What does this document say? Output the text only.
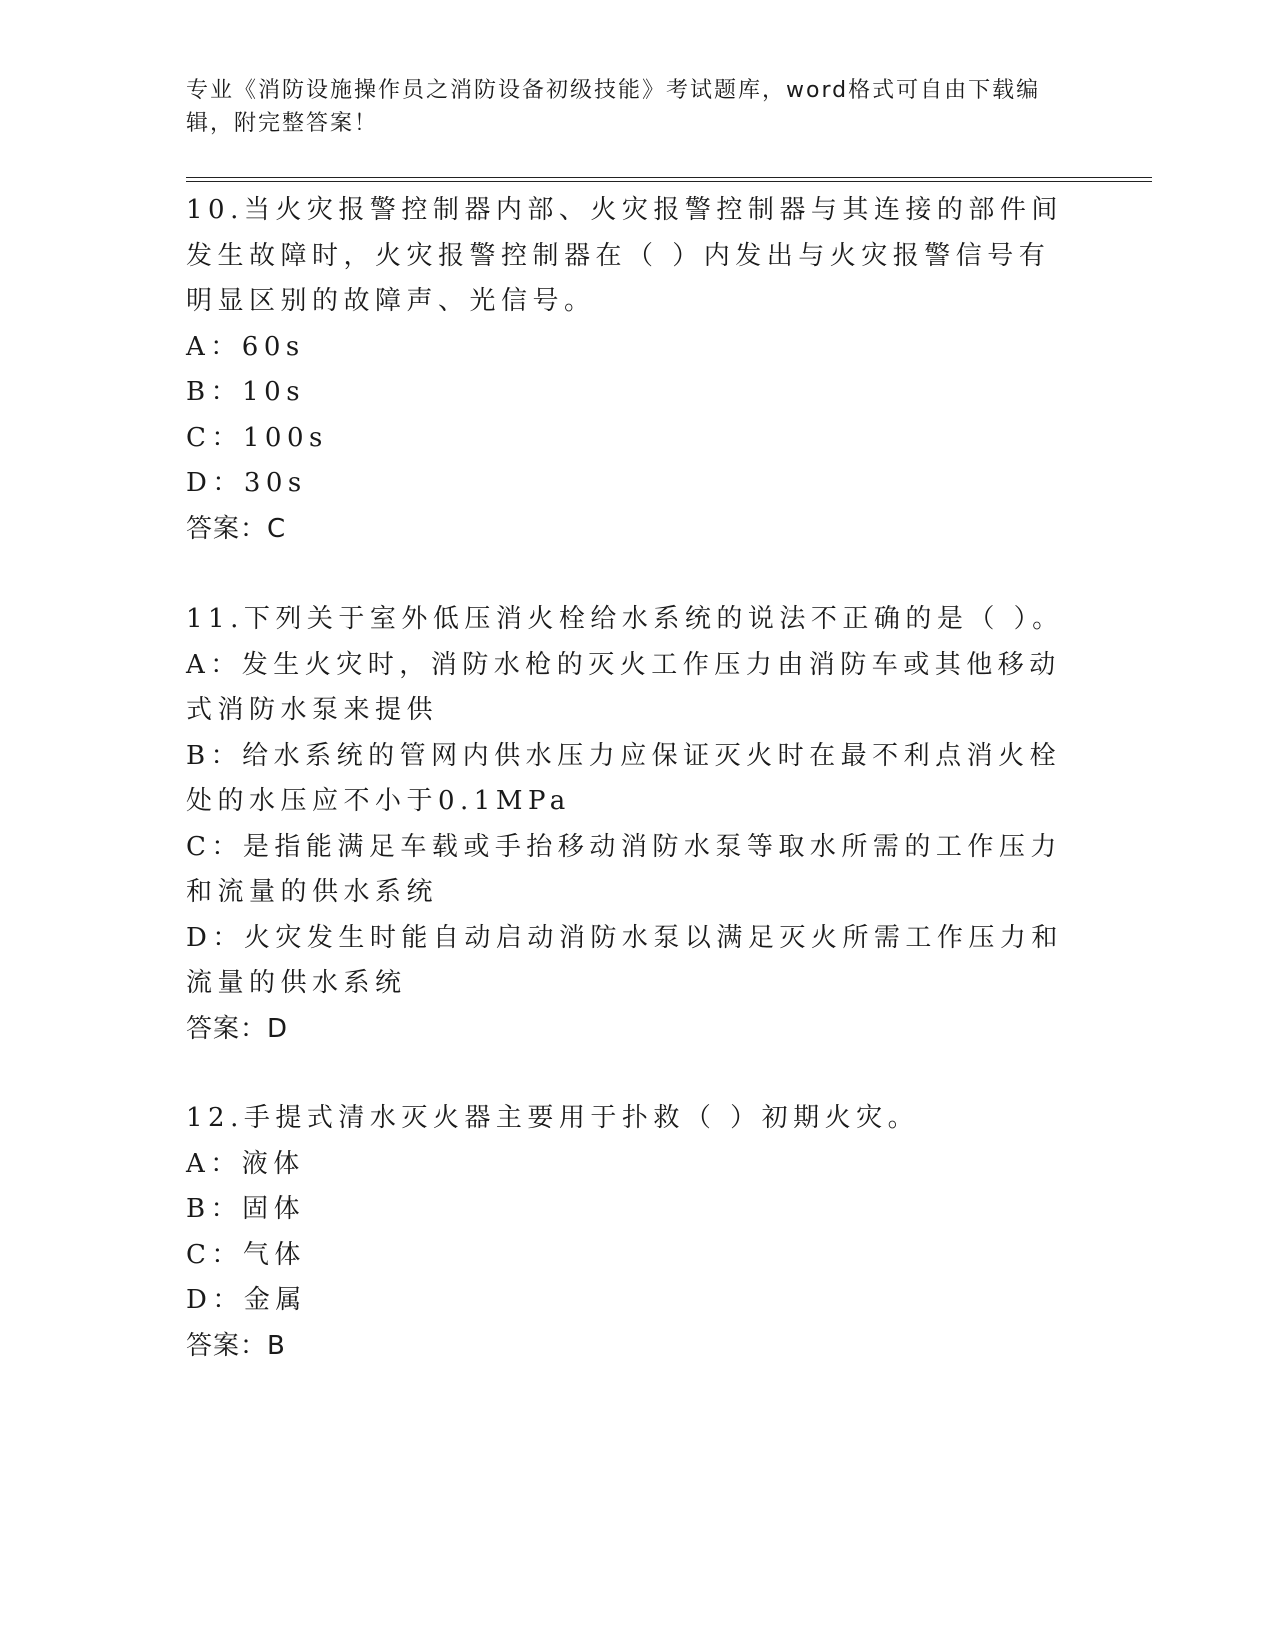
专业《消防设施操作员之消防设备初级技能》考试题库，word格式可自由下载编辑，附完整答案！

10.当火灾报警控制器内部、火灾报警控制器与其连接的部件间发生故障时，火灾报警控制器在（ ）内发出与火灾报警信号有明显区别的故障声、光信号。

A：60s

B：10s

C：100s

D：30s

答案：C

11.下列关于室外低压消火栓给水系统的说法不正确的是（ ）。

A：发生火灾时，消防水枪的灭火工作压力由消防车或其他移动式消防水泵来提供

B：给水系统的管网内供水压力应保证灭火时在最不利点消火栓处的水压应不小于0.1MPa

C：是指能满足车载或手抬移动消防水泵等取水所需的工作压力和流量的供水系统

D：火灾发生时能自动启动消防水泵以满足灭火所需工作压力和流量的供水系统

答案：D

12.手提式清水灭火器主要用于扑救（ ）初期火灾。

A：液体

B：固体

C：气体

D：金属

答案：B
